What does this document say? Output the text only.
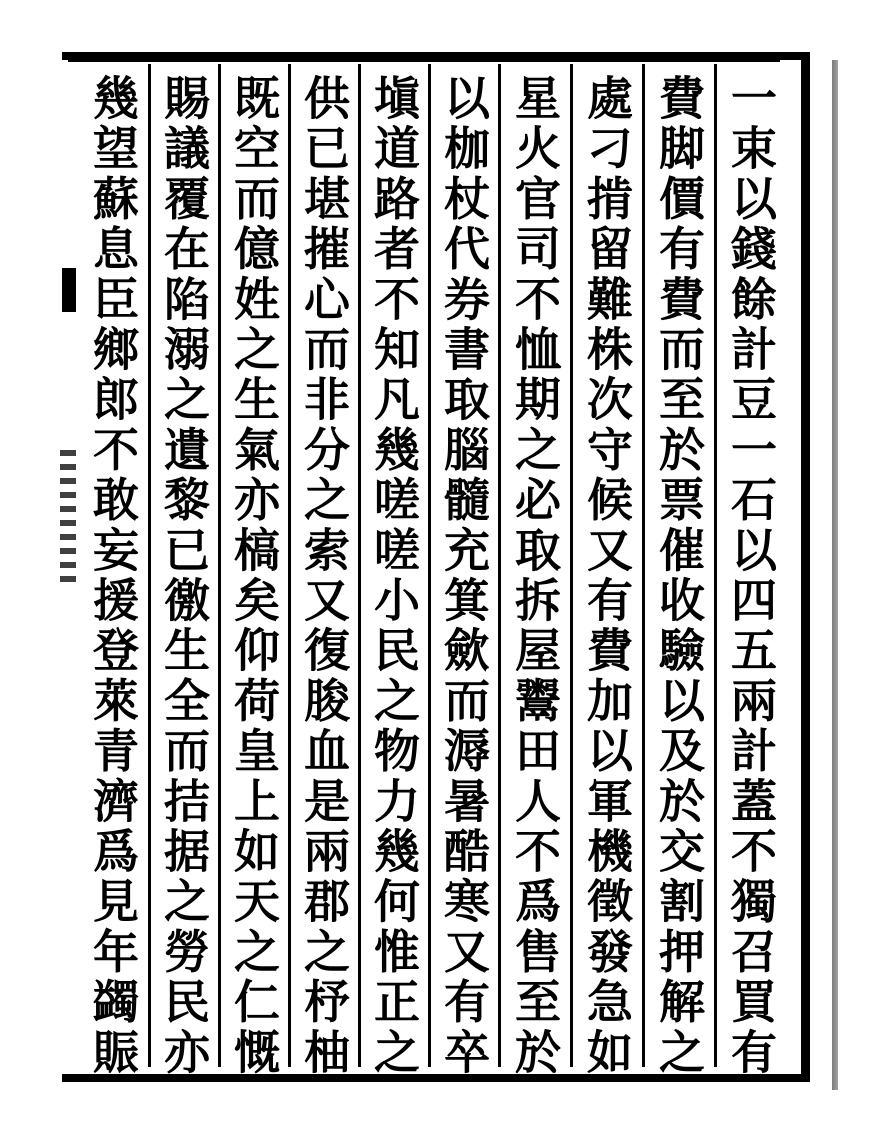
一束以錢餘計豆一石以四五兩計蓋不獨召買有
費脚價有費而至於票催收驗以及於交割押解之
處刁掯留難株次守候又有費加以軍機徵發急如
星火官司不恤期之必取拆屋鬻田人不爲售至於
以枷杖代券書取腦髓充箕歛而溽暑酷寒又有卒
塡道路者不知凡幾嗟嗟小民之物力幾何惟正之
供已堪摧心而非分之索又復朘血是兩郡之杼柚
既空而億姓之生氣亦槁矣仰荷皇上如天之仁慨
賜議覆在陷溺之遺黎已徼生全而拮据之勞民亦
幾望蘇息臣鄉郎不敢妄援登萊青濟爲見年蠲賑
